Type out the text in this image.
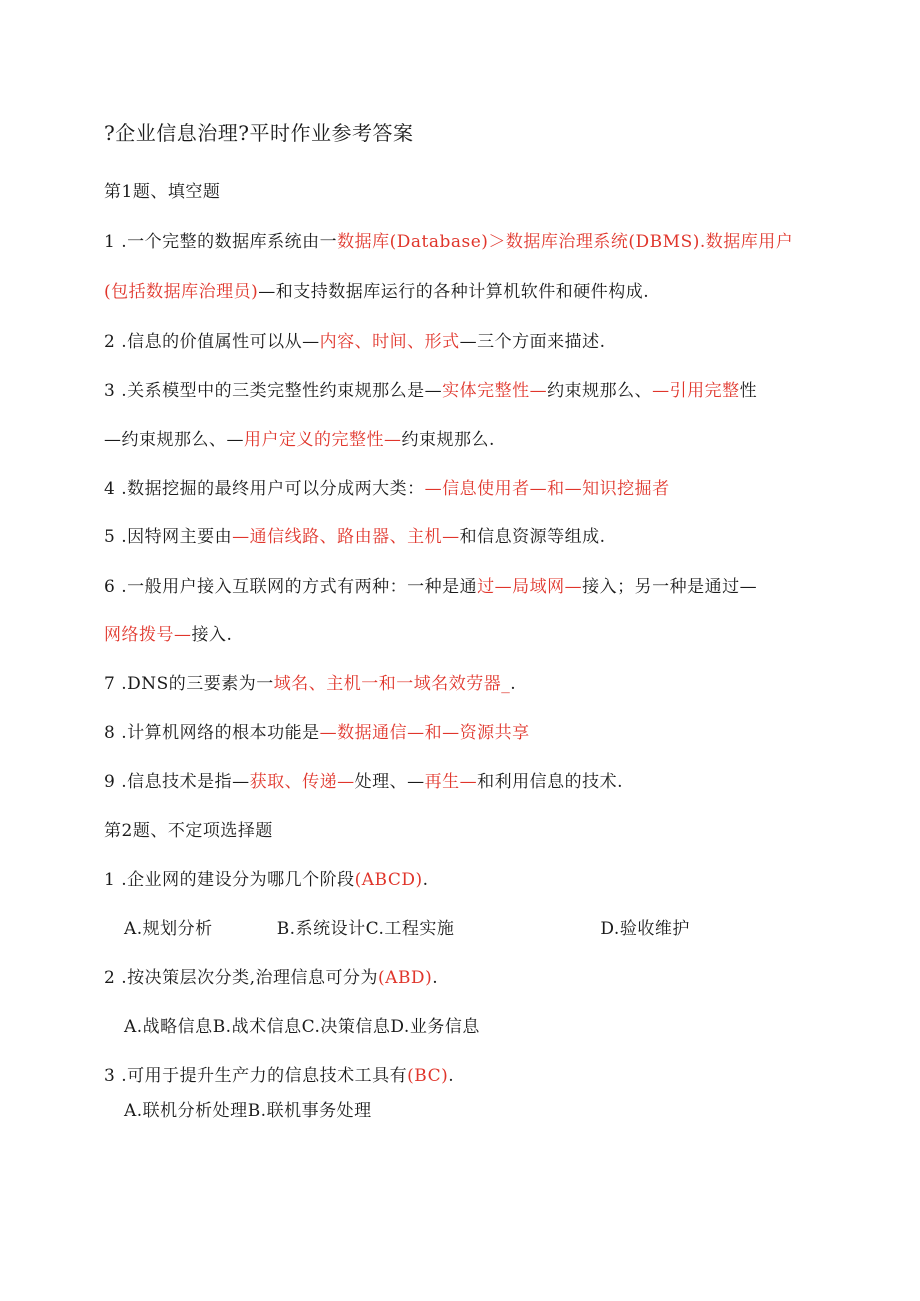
?企业信息治理?平时作业参考答案
第1题、填空题
1 .一个完整的数据库系统由一数据库(Database)＞数据库治理系统(DBMS).数据库用户
(包括数据库治理员)—和支持数据库运行的各种计算机软件和硬件构成.
2 .信息的价值属性可以从—内容、时间、形式—三个方面来描述.
3 .关系模型中的三类完整性约束规那么是—实体完整性—约束规那么、—引用完整性
—约束规那么、—用户定义的完整性—约束规那么.
4 .数据挖掘的最终用户可以分成两大类：—信息使用者—和—知识挖掘者
5 .因特网主要由—通信线路、路由器、主机—和信息资源等组成.
6 .一般用户接入互联网的方式有两种：一种是通过—局域网—接入；另一种是通过—
网络拨号—接入.
7 .DNS的三要素为一域名、主机一和一域名效劳器_.
8 .计算机网络的根本功能是—数据通信—和—资源共享
9 .信息技术是指—获取、传递—处理、—再生—和利用信息的技术.
第2题、不定项选择题
1 .企业网的建设分为哪几个阶段(ABCD).
A.规划分析	B.系统设计C.工程实施	D.验收维护
2 .按决策层次分类,治理信息可分为(ABD).
A.战略信息B.战术信息C.决策信息D.业务信息
3 .可用于提升生产力的信息技术工具有(BC).
A.联机分析处理B.联机事务处理
